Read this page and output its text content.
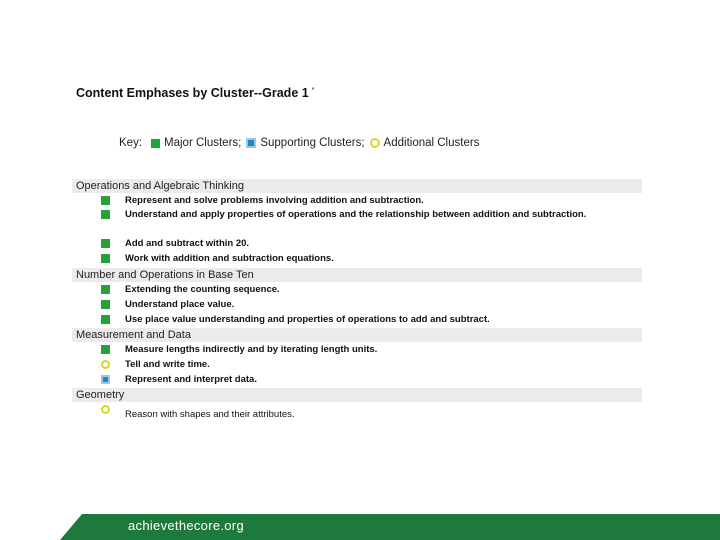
Content Emphases by Cluster--Grade 1 *
Key: Major Clusters; Supporting Clusters; Additional Clusters
Operations and Algebraic Thinking
Represent and solve problems involving addition and subtraction.
Understand and apply properties of operations and the relationship between addition and subtraction.
Add and subtract within 20.
Work with addition and subtraction equations.
Number and Operations in Base Ten
Extending the counting sequence.
Understand place value.
Use place value understanding and properties of operations to add and subtract.
Measurement and Data
Measure lengths indirectly and by iterating length units.
Tell and write time.
Represent and interpret data.
Geometry
Reason with shapes and their attributes.
achievethecore.org
